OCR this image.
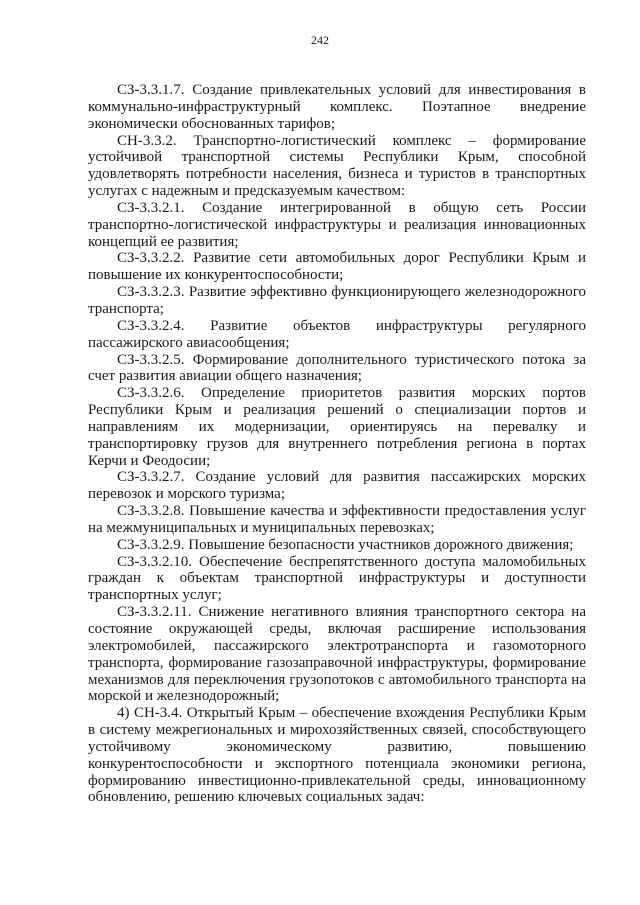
242

СЗ-3.3.1.7. Создание привлекательных условий для инвестирования в коммунально-инфраструктурный комплекс. Поэтапное внедрение экономически обоснованных тарифов;

СН-3.3.2. Транспортно-логистический комплекс – формирование устойчивой транспортной системы Республики Крым, способной удовлетворять потребности населения, бизнеса и туристов в транспортных услугах с надежным и предсказуемым качеством:

СЗ-3.3.2.1. Создание интегрированной в общую сеть России транспортно-логистической инфраструктуры и реализация инновационных концепций ее развития;

СЗ-3.3.2.2. Развитие сети автомобильных дорог Республики Крым и повышение их конкурентоспособности;

СЗ-3.3.2.3. Развитие эффективно функционирующего железнодорожного транспорта;

СЗ-3.3.2.4. Развитие объектов инфраструктуры регулярного пассажирского авиасообщения;

СЗ-3.3.2.5. Формирование дополнительного туристического потока за счет развития авиации общего назначения;

СЗ-3.3.2.6. Определение приоритетов развития морских портов Республики Крым и реализация решений о специализации портов и направлениям их модернизации, ориентируясь на перевалку и транспортировку грузов для внутреннего потребления региона в портах Керчи и Феодосии;

СЗ-3.3.2.7. Создание условий для развития пассажирских морских перевозок и морского туризма;

СЗ-3.3.2.8. Повышение качества и эффективности предоставления услуг на межмуниципальных и муниципальных перевозках;

СЗ-3.3.2.9. Повышение безопасности участников дорожного движения;

СЗ-3.3.2.10. Обеспечение беспрепятственного доступа маломобильных граждан к объектам транспортной инфраструктуры и доступности транспортных услуг;

СЗ-3.3.2.11. Снижение негативного влияния транспортного сектора на состояние окружающей среды, включая расширение использования электромобилей, пассажирского электротранспорта и газомоторного транспорта, формирование газозаправочной инфраструктуры, формирование механизмов для переключения грузопотоков с автомобильного транспорта на морской и железнодорожный;

4) СН-3.4. Открытый Крым – обеспечение вхождения Республики Крым в систему межрегиональных и мирохозяйственных связей, способствующего устойчивому экономическому развитию, повышению конкурентоспособности и экспортного потенциала экономики региона, формированию инвестиционно-привлекательной среды, инновационному обновлению, решению ключевых социальных задач:
